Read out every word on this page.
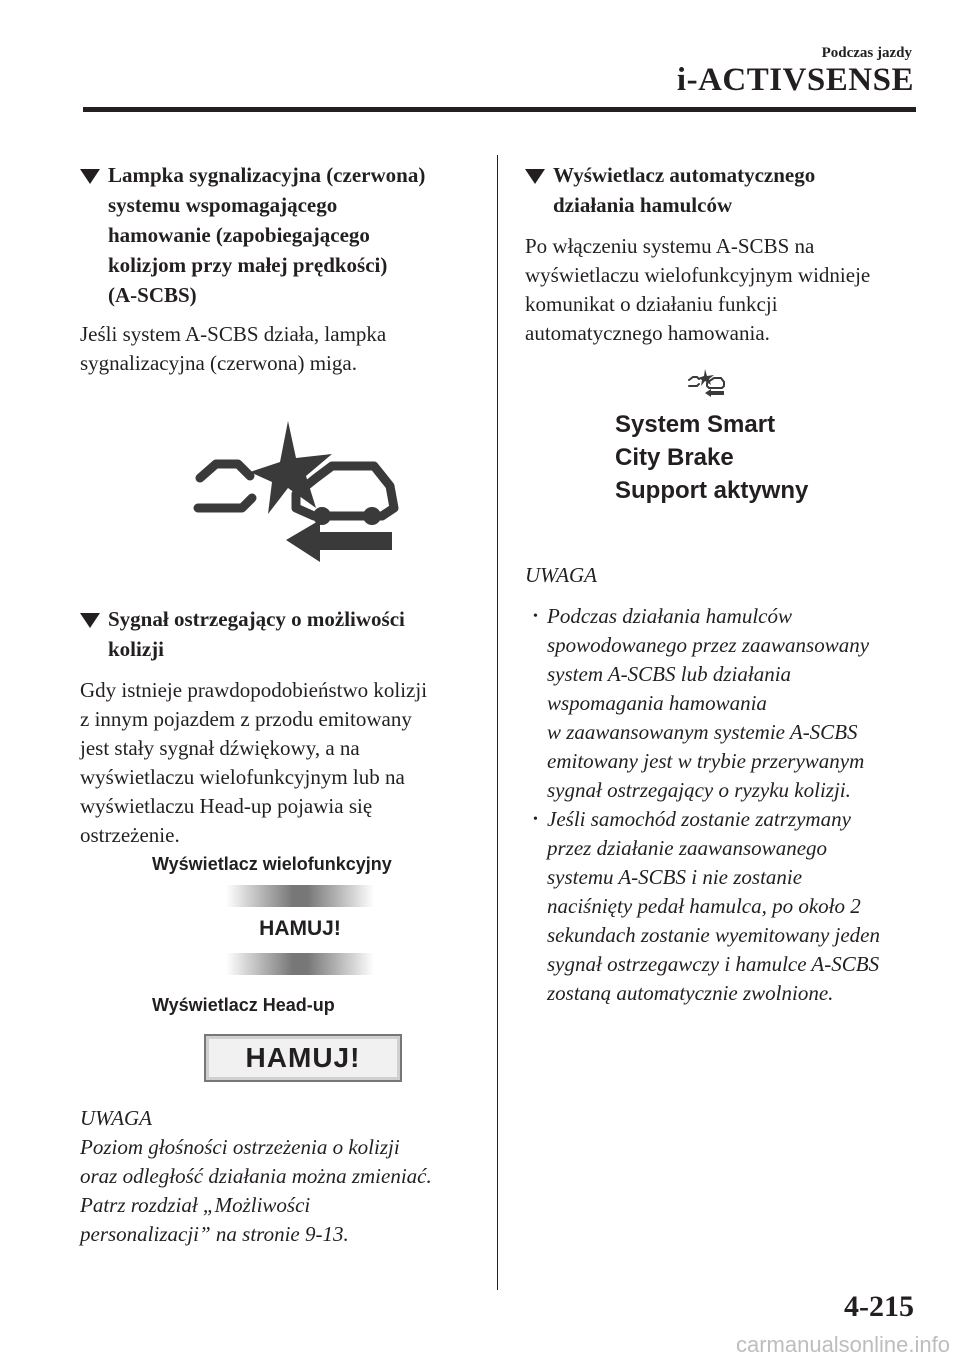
Podczas jazdy
i-ACTIVSENSE
Lampka sygnalizacyjna (czerwona)
systemu wspomagającego
hamowanie (zapobiegającego
kolizjom przy małej prędkości)
(A-SCBS)
Jeśli system A-SCBS działa, lampka
sygnalizacyjna (czerwona) miga.
Sygnał ostrzegający o możliwości
kolizji
Gdy istnieje prawdopodobieństwo kolizji
z innym pojazdem z przodu emitowany
jest stały sygnał dźwiękowy, a na
wyświetlaczu wielofunkcyjnym lub na
wyświetlaczu Head-up pojawia się
ostrzeżenie.
Wyświetlacz wielofunkcyjny
HAMUJ!
Wyświetlacz Head-up
HAMUJ!
UWAGA
Poziom głośności ostrzeżenia o kolizji
oraz odległość działania można zmieniać.
Patrz rozdział „Możliwości
personalizacji” na stronie 9-13.
Wyświetlacz automatycznego
działania hamulców
Po włączeniu systemu A-SCBS na
wyświetlaczu wielofunkcyjnym widnieje
komunikat o działaniu funkcji
automatycznego hamowania.
System Smart
City Brake
Support aktywny
UWAGA
• Podczas działania hamulców
spowodowanego przez zaawansowany
system A-SCBS lub działania
wspomagania hamowania
w zaawansowanym systemie A-SCBS
emitowany jest w trybie przerywanym
sygnał ostrzegający o ryzyku kolizji.
• Jeśli samochód zostanie zatrzymany
przez działanie zaawansowanego
systemu A-SCBS i nie zostanie
naciśnięty pedał hamulca, po około 2
sekundach zostanie wyemitowany jeden
sygnał ostrzegawczy i hamulce A-SCBS
zostaną automatycznie zwolnione.
4-215
carmanualsonline.info
